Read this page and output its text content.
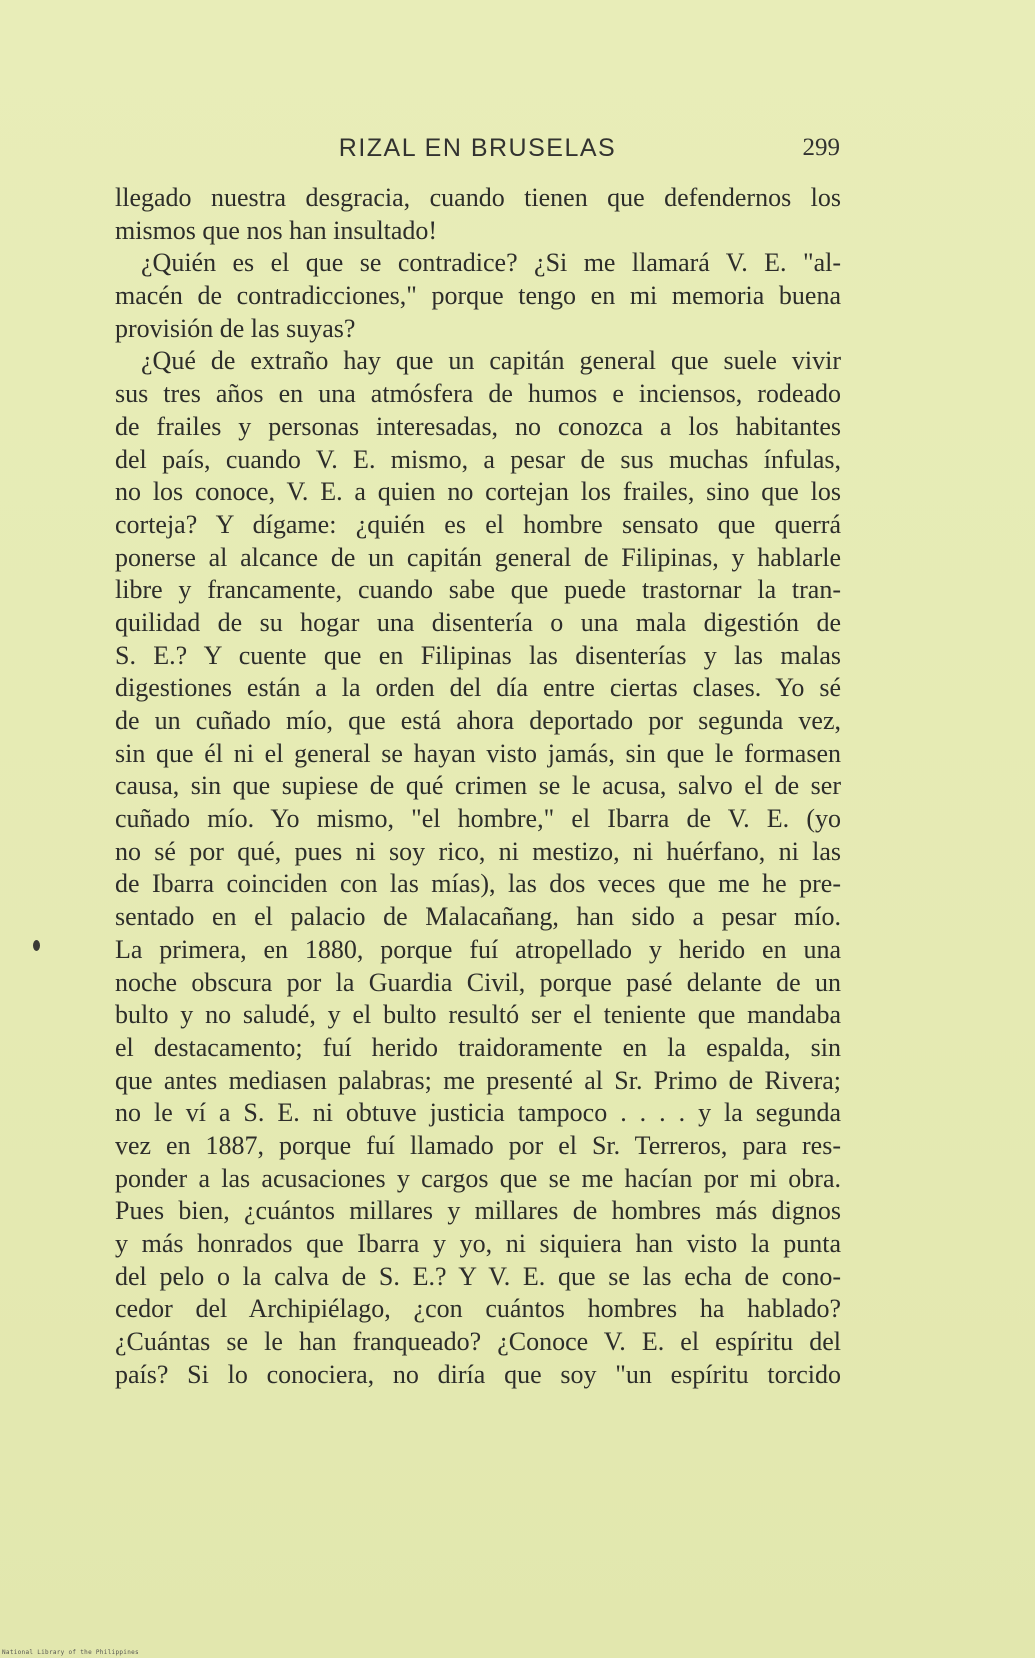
RIZAL EN BRUSELAS	299
llegado nuestra desgracia, cuando tienen que defendernos los
mismos que nos han insultado!
¿Quién es el que se contradice? ¿Si me llamará V. E. "al-
macén de contradicciones," porque tengo en mi memoria buena
provisión de las suyas?
¿Qué de extraño hay que un capitán general que suele vivir
sus tres años en una atmósfera de humos e inciensos, rodeado
de frailes y personas interesadas, no conozca a los habitantes
del país, cuando V. E. mismo, a pesar de sus muchas ínfulas,
no los conoce, V. E. a quien no cortejan los frailes, sino que los
corteja? Y dígame: ¿quién es el hombre sensato que querrá
ponerse al alcance de un capitán general de Filipinas, y hablarle
libre y francamente, cuando sabe que puede trastornar la tran-
quilidad de su hogar una disentería o una mala digestión de
S. E.? Y cuente que en Filipinas las disenterías y las malas
digestiones están a la orden del día entre ciertas clases. Yo sé
de un cuñado mío, que está ahora deportado por segunda vez,
sin que él ni el general se hayan visto jamás, sin que le formasen
causa, sin que supiese de qué crimen se le acusa, salvo el de ser
cuñado mío. Yo mismo, "el hombre," el Ibarra de V. E. (yo
no sé por qué, pues ni soy rico, ni mestizo, ni huérfano, ni las
de Ibarra coinciden con las mías), las dos veces que me he pre-
sentado en el palacio de Malacañang, han sido a pesar mío.
La primera, en 1880, porque fuí atropellado y herido en una
noche obscura por la Guardia Civil, porque pasé delante de un
bulto y no saludé, y el bulto resultó ser el teniente que mandaba
el destacamento; fuí herido traidoramente en la espalda, sin
que antes mediasen palabras; me presenté al Sr. Primo de Rivera;
no le ví a S. E. ni obtuve justicia tampoco . . . . y la segunda
vez en 1887, porque fuí llamado por el Sr. Terreros, para res-
ponder a las acusaciones y cargos que se me hacían por mi obra.
Pues bien, ¿cuántos millares y millares de hombres más dignos
y más honrados que Ibarra y yo, ni siquiera han visto la punta
del pelo o la calva de S. E.? Y V. E. que se las echa de cono-
cedor del Archipiélago, ¿con cuántos hombres ha hablado?
¿Cuántas se le han franqueado? ¿Conoce V. E. el espíritu del
país? Si lo conociera, no diría que soy "un espíritu torcido
National Library of the Philippines
